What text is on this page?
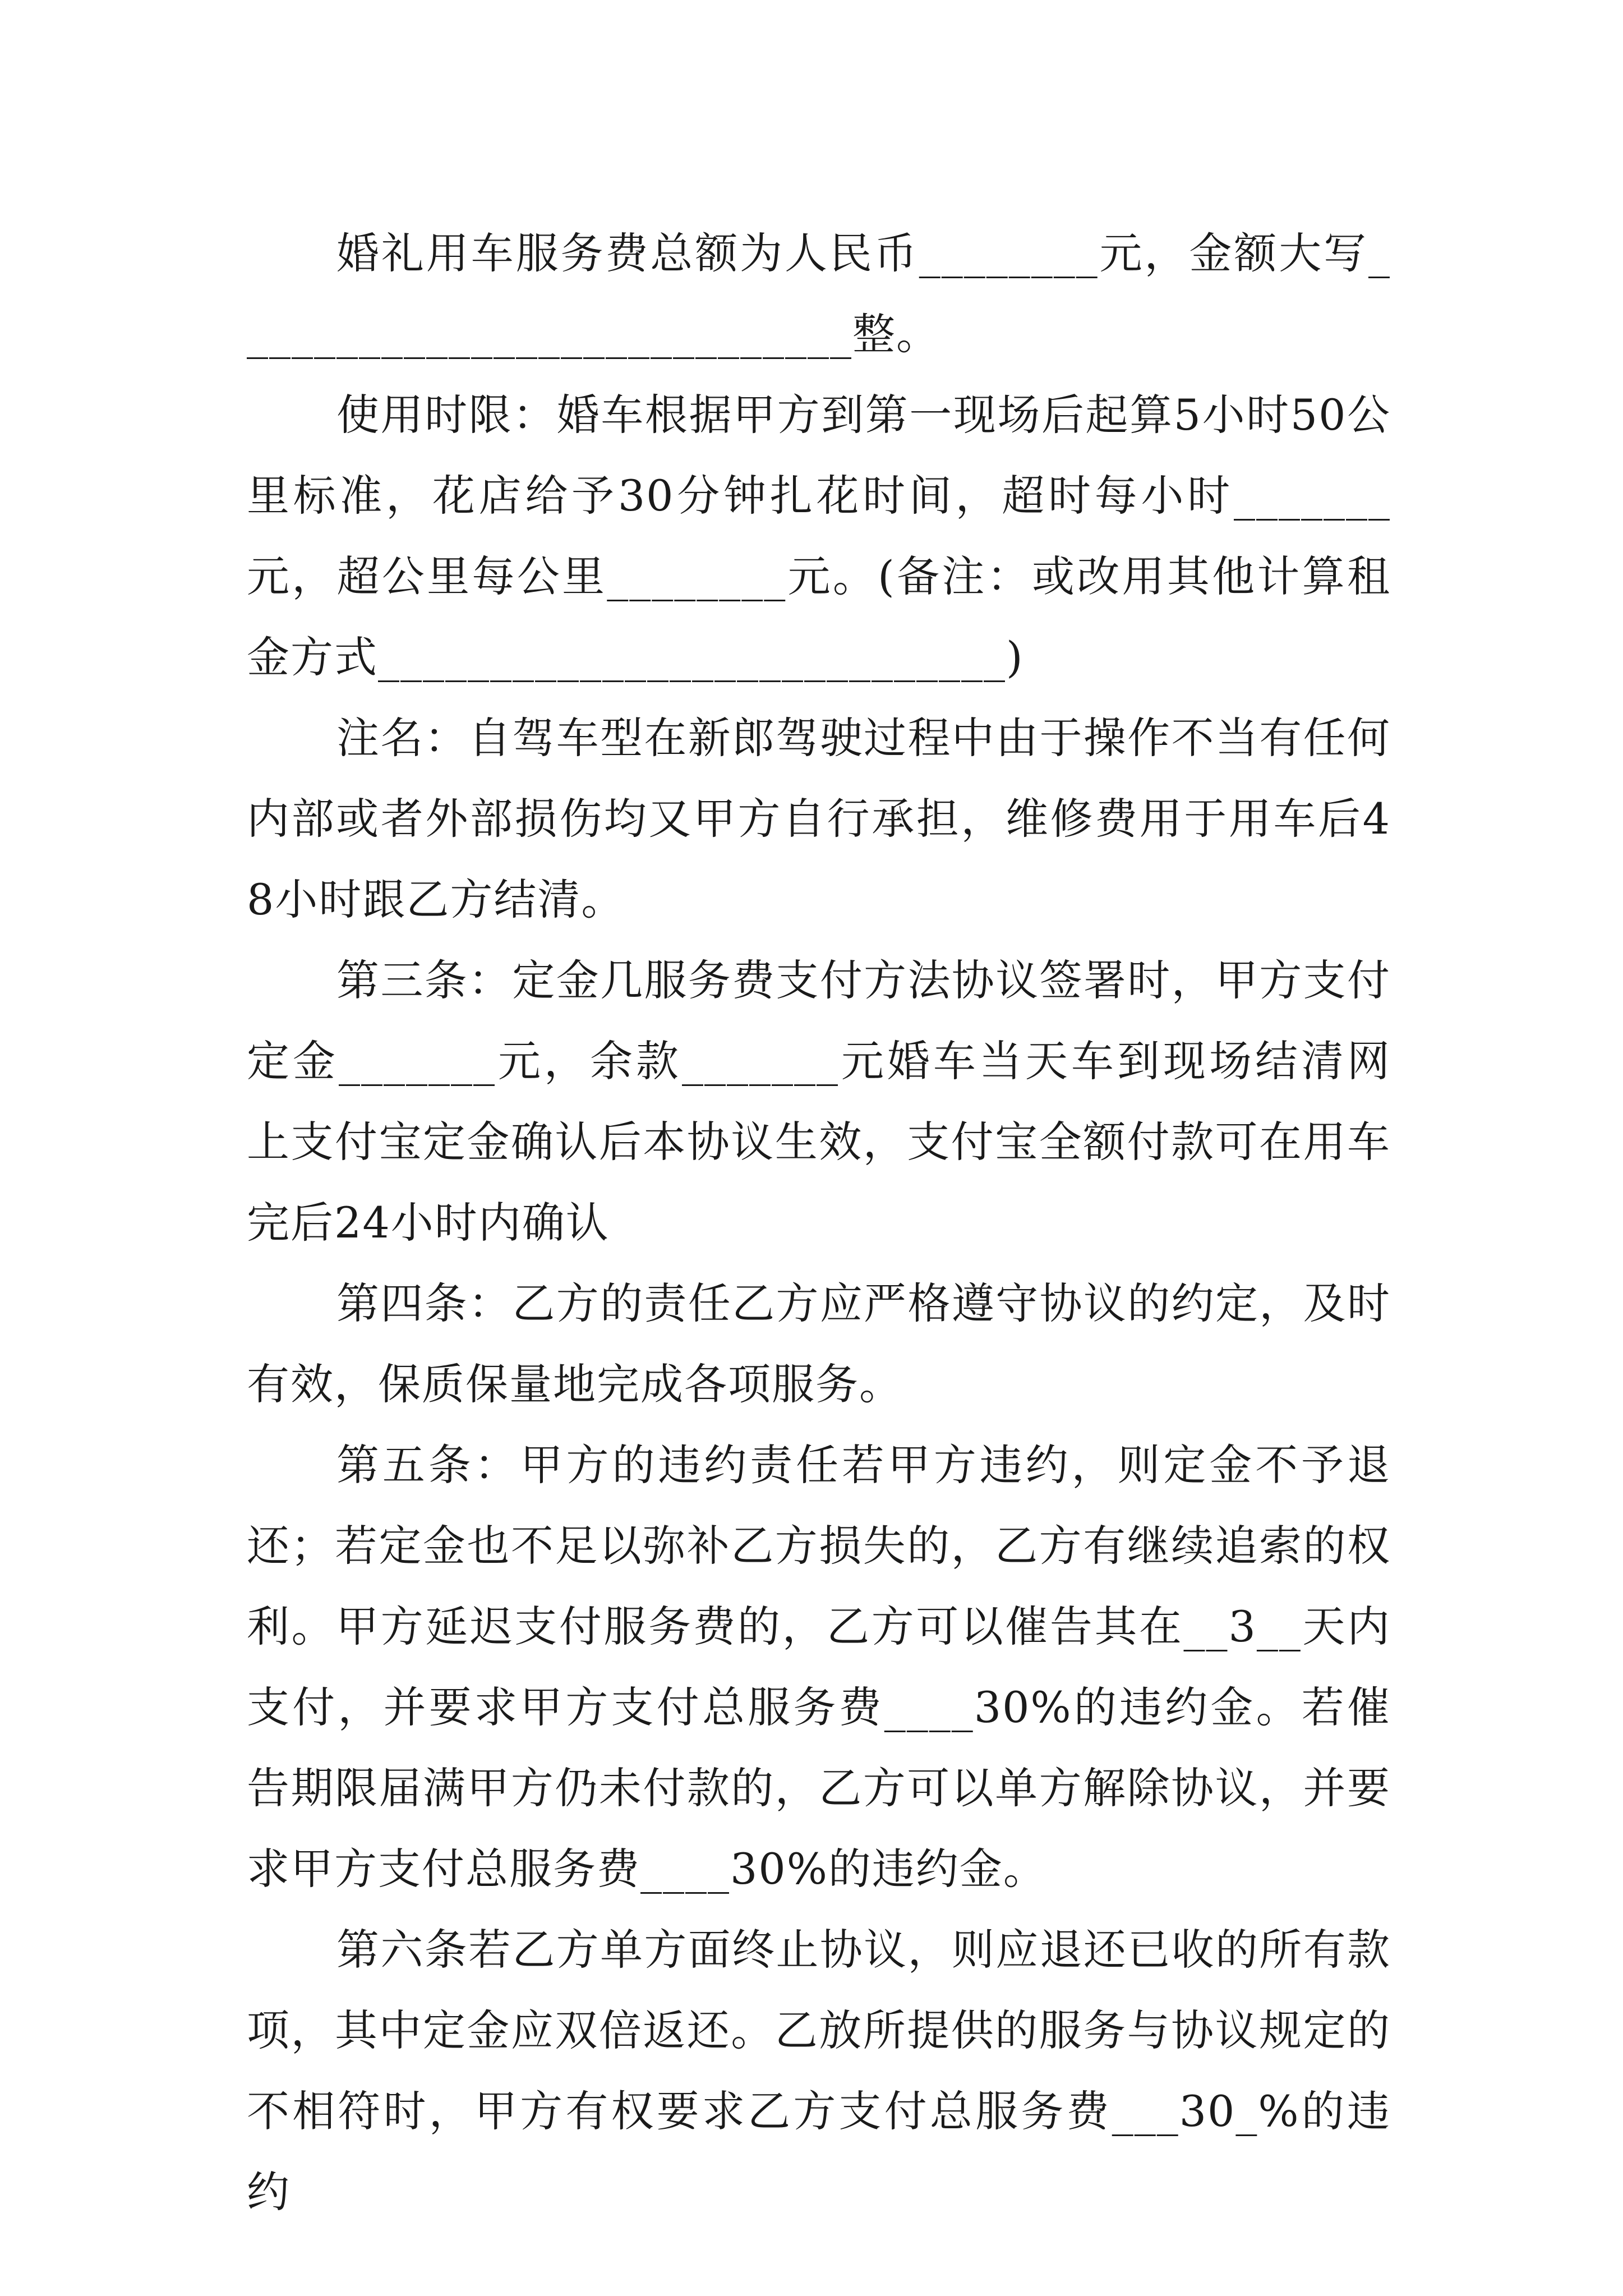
婚礼用车服务费总额为人民币________元，金额大写____________________________整。

使用时限：婚车根据甲方到第一现场后起算5小时50公里标准，花店给予30分钟扎花时间，超时每小时_______元，超公里每公里________元。(备注：或改用其他计算租金方式____________________________)

注名：自驾车型在新郎驾驶过程中由于操作不当有任何内部或者外部损伤均又甲方自行承担，维修费用于用车后48小时跟乙方结清。

第三条：定金几服务费支付方法协议签署时，甲方支付定金_______元，余款_______元婚车当天车到现场结清网上支付宝定金确认后本协议生效，支付宝全额付款可在用车完后24小时内确认

第四条：乙方的责任乙方应严格遵守协议的约定，及时有效，保质保量地完成各项服务。

第五条：甲方的违约责任若甲方违约，则定金不予退还；若定金也不足以弥补乙方损失的，乙方有继续追索的权利。甲方延迟支付服务费的，乙方可以催告其在__3__天内支付，并要求甲方支付总服务费____30%的违约金。若催告期限届满甲方仍未付款的，乙方可以单方解除协议，并要求甲方支付总服务费____30%的违约金。

第六条若乙方单方面终止协议，则应退还已收的所有款项，其中定金应双倍返还。乙放所提供的服务与协议规定的不相符时，甲方有权要求乙方支付总服务费___30_%的违约
